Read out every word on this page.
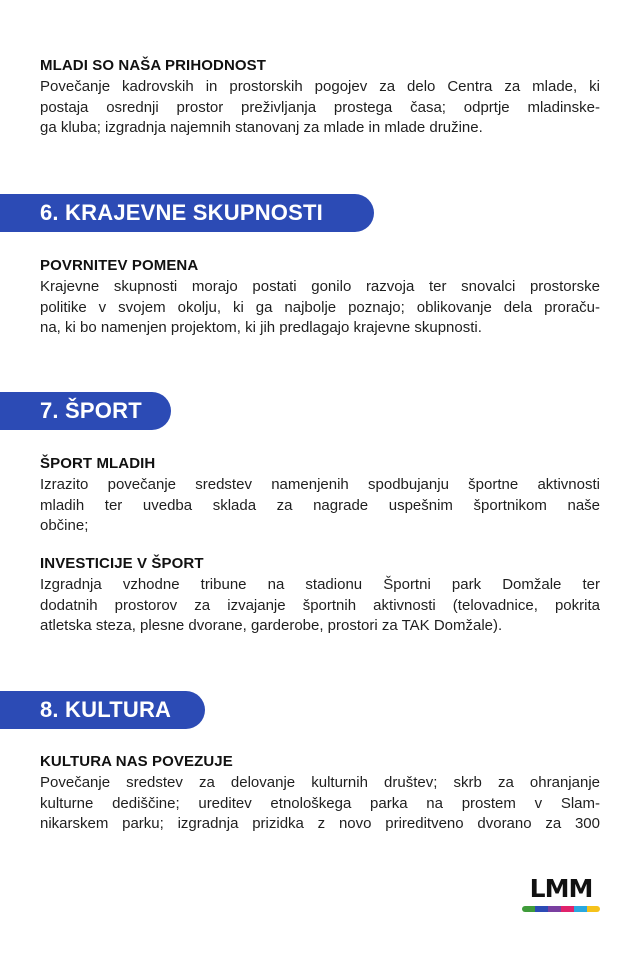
MLADI SO NAŠA PRIHODNOST

Povečanje kadrovskih in prostorskih pogojev za delo Centra za mlade, ki
postaja osrednji prostor preživljanja prostega časa; odprtje mladinske-
ga kluba; izgradnja najemnih stanovanj za mlade in mlade družine.

6. KRAJEVNE SKUPNOSTI
POVRNITEV POMENA

Krajevne skupnosti morajo postati gonilo razvoja ter snovalci prostorske
politike v svojem okolju, ki ga najbolje poznajo; oblikovanje dela proraču-
na, ki bo namenjen projektom, ki jih predlagajo krajevne skupnosti.

7. ŠPORT
ŠPORT MLADIH

Izrazito povečanje sredstev namenjenih spodbujanju športne aktivnosti
mladih ter uvedba sklada za nagrade uspešnim športnikom naše
občine;

INVESTICIJE V ŠPORT

Izgradnja vzhodne tribune na stadionu Športni park Domžale ter
dodatnih prostorov za izvajanje športnih aktivnosti (telovadnice, pokrita
atletska steza, plesne dvorane, garderobe, prostori za TAK Domžale).

8. KULTURA
KULTURA NAS POVEZUJE

Povečanje sredstev za delovanje kulturnih društev; skrb za ohranjanje
kulturne dediščine; ureditev etnološkega parka na prostem v Slam-
nikarskem parku; izgradnja prizidka z novo prireditveno dvorano za 300

LMM
